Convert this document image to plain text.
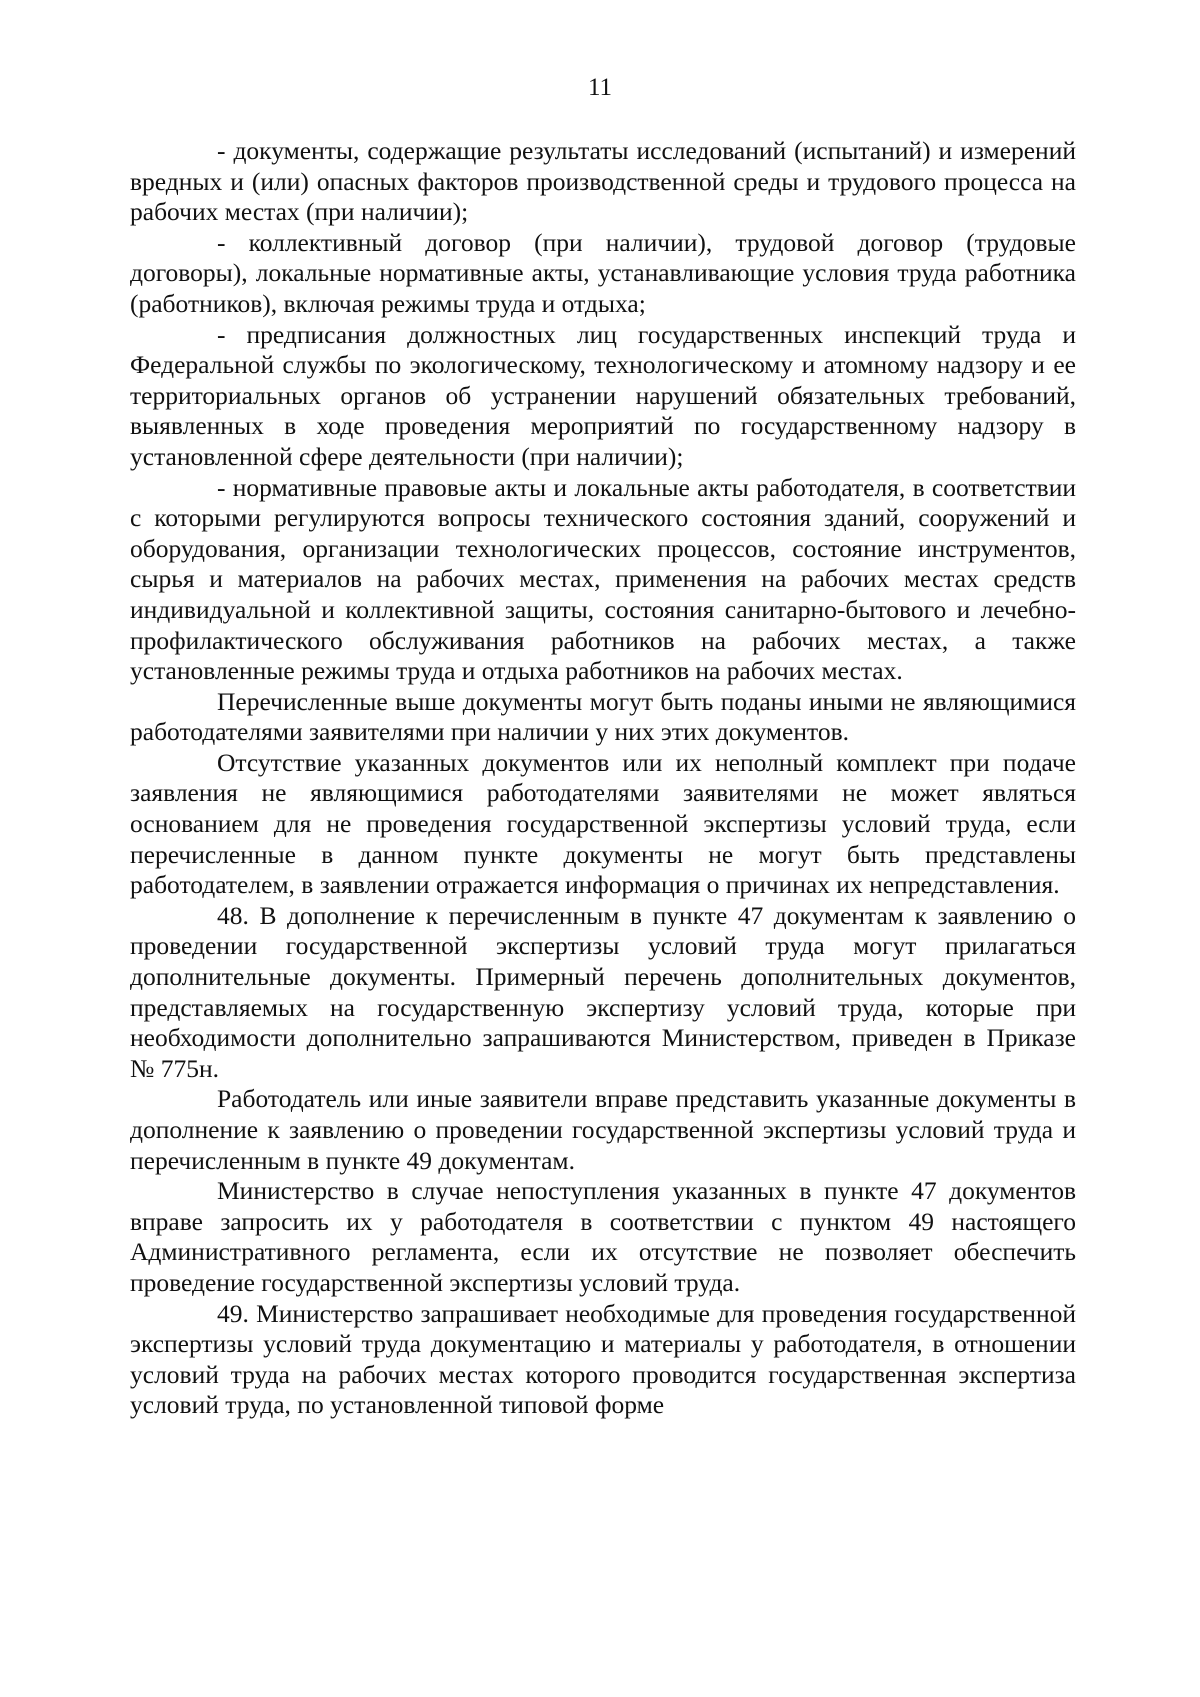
11

- документы, содержащие результаты исследований (испытаний) и измерений вредных и (или) опасных факторов производственной среды и трудового процесса на рабочих местах (при наличии);

- коллективный договор (при наличии), трудовой договор (трудовые договоры), локальные нормативные акты, устанавливающие условия труда работника (работников), включая режимы труда и отдыха;

- предписания должностных лиц государственных инспекций труда и Федеральной службы по экологическому, технологическому и атомному надзору и ее территориальных органов об устранении нарушений обязательных требований, выявленных в ходе проведения мероприятий по государственному надзору в установленной сфере деятельности (при наличии);

- нормативные правовые акты и локальные акты работодателя, в соответствии с которыми регулируются вопросы технического состояния зданий, сооружений и оборудования, организации технологических процессов, состояние инструментов, сырья и материалов на рабочих местах, применения на рабочих местах средств индивидуальной и коллективной защиты, состояния санитарно-бытового и лечебно-профилактического обслуживания работников на рабочих местах, а также установленные режимы труда и отдыха работников на рабочих местах.

Перечисленные выше документы могут быть поданы иными не являющимися работодателями заявителями при наличии у них этих документов.

Отсутствие указанных документов или их неполный комплект при подаче заявления не являющимися работодателями заявителями не может являться основанием для не проведения государственной экспертизы условий труда, если перечисленные в данном пункте документы не могут быть представлены работодателем, в заявлении отражается информация о причинах их непредставления.

48. В дополнение к перечисленным в пункте 47 документам к заявлению о проведении государственной экспертизы условий труда могут прилагаться дополнительные документы. Примерный перечень дополнительных документов, представляемых на государственную экспертизу условий труда, которые при необходимости дополнительно запрашиваются Министерством, приведен в Приказе № 775н.

Работодатель или иные заявители вправе представить указанные документы в дополнение к заявлению о проведении государственной экспертизы условий труда и перечисленным в пункте 49 документам.

Министерство в случае непоступления указанных в пункте 47 документов вправе запросить их у работодателя в соответствии с пунктом 49 настоящего Административного регламента, если их отсутствие не позволяет обеспечить проведение государственной экспертизы условий труда.

49. Министерство запрашивает необходимые для проведения государственной экспертизы условий труда документацию и материалы у работодателя, в отношении условий труда на рабочих местах которого проводится государственная экспертиза условий труда, по установленной типовой форме
